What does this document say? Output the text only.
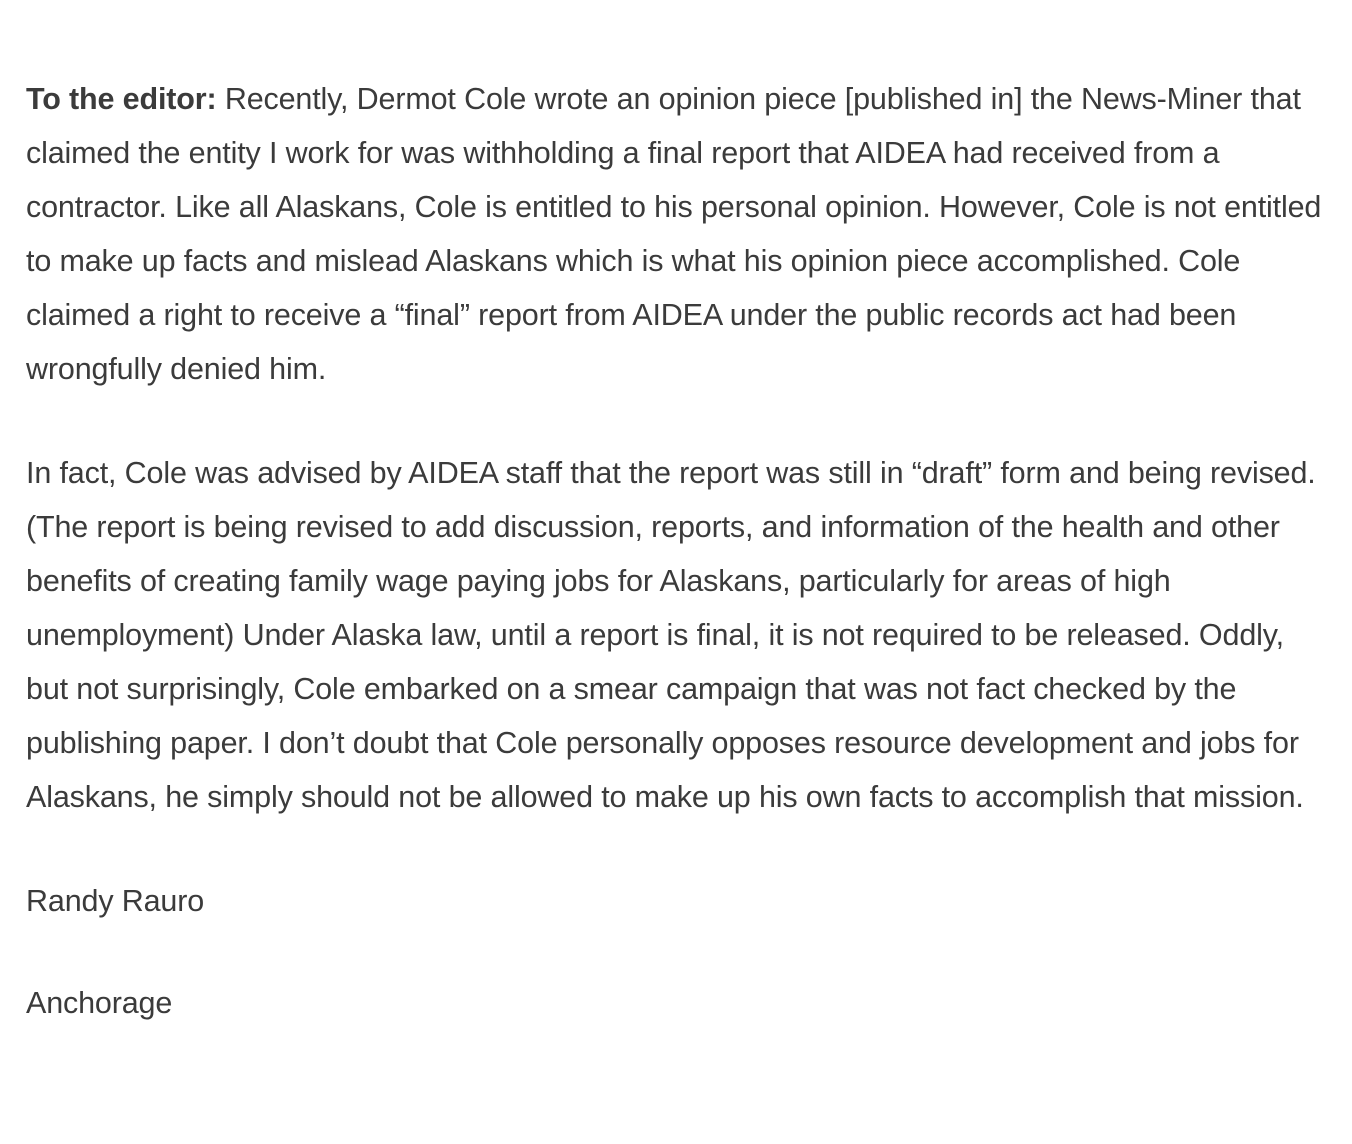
To the editor: Recently, Dermot Cole wrote an opinion piece [published in] the News-Miner that claimed the entity I work for was withholding a final report that AIDEA had received from a contractor. Like all Alaskans, Cole is entitled to his personal opinion. However, Cole is not entitled to make up facts and mislead Alaskans which is what his opinion piece accomplished. Cole claimed a right to receive a “final” report from AIDEA under the public records act had been wrongfully denied him.

In fact, Cole was advised by AIDEA staff that the report was still in “draft” form and being revised. (The report is being revised to add discussion, reports, and information of the health and other benefits of creating family wage paying jobs for Alaskans, particularly for areas of high unemployment) Under Alaska law, until a report is final, it is not required to be released. Oddly, but not surprisingly, Cole embarked on a smear campaign that was not fact checked by the publishing paper. I don’t doubt that Cole personally opposes resource development and jobs for Alaskans, he simply should not be allowed to make up his own facts to accomplish that mission.

Randy Rauro

Anchorage
